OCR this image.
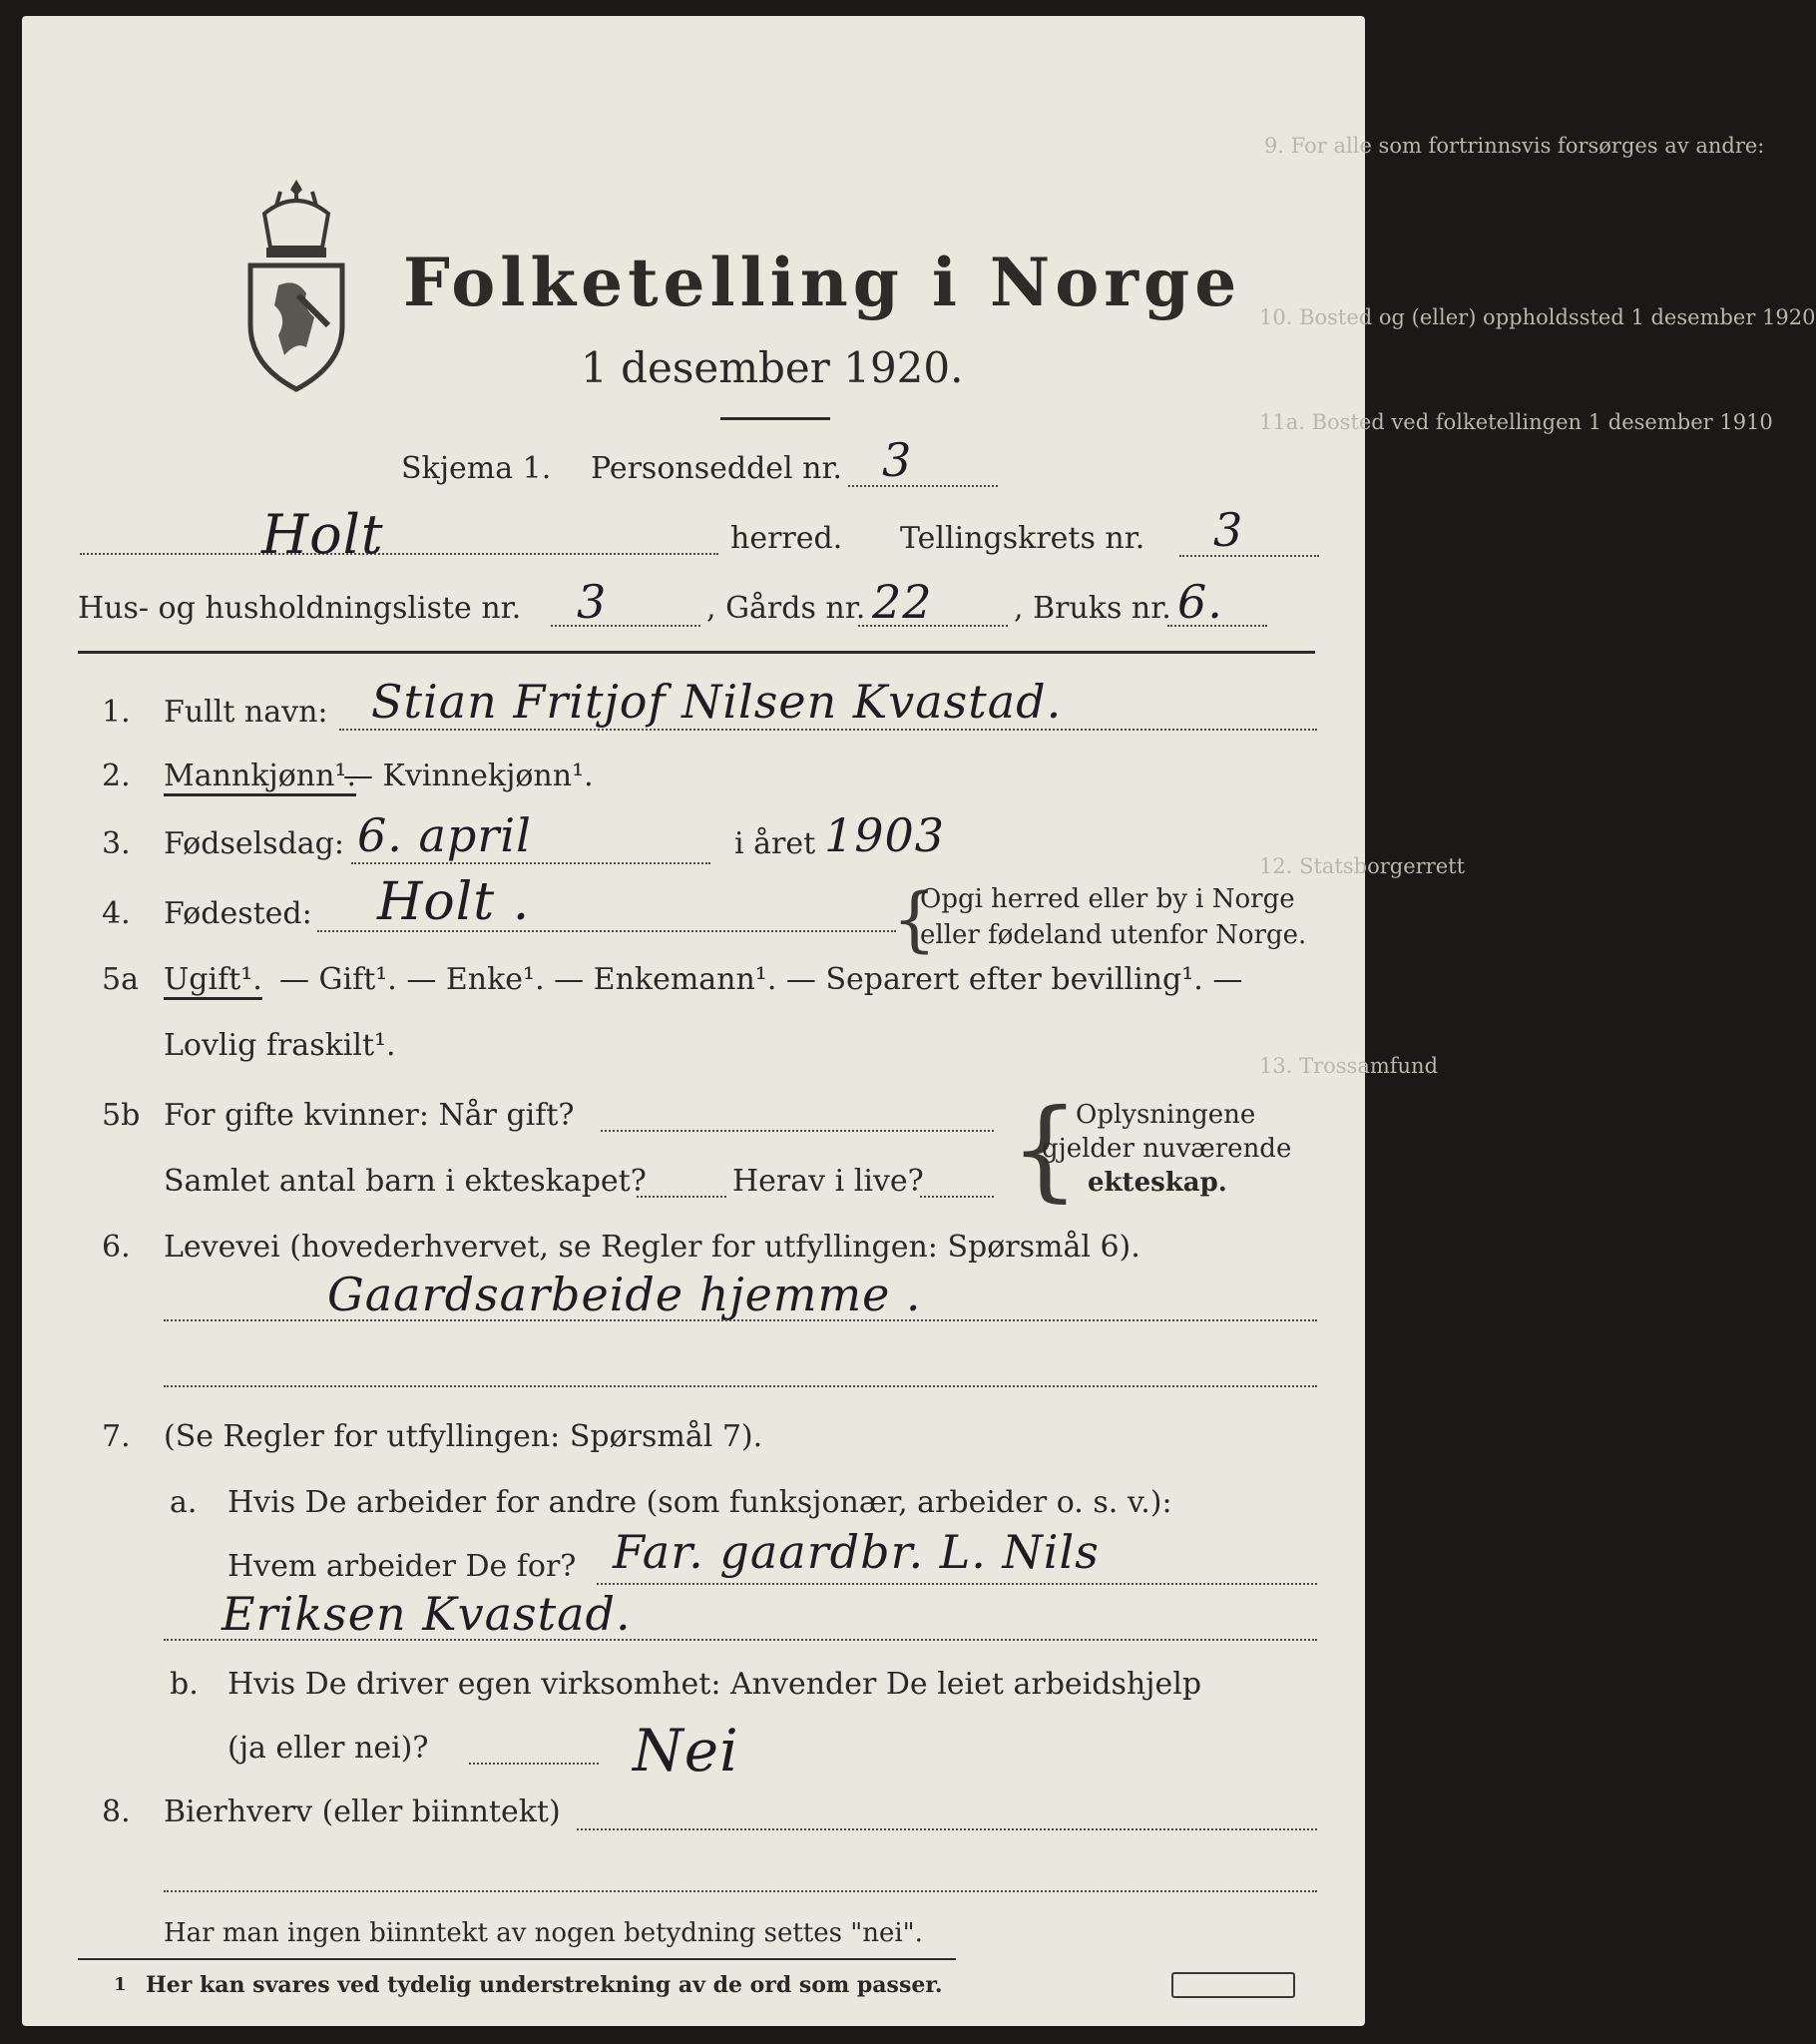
9. For alle som fortrinnsvis forsørges av andre:
10. Bosted og (eller) oppholdssted 1 desember 1920
11a. Bosted ved folketellingen 1 desember 1910
12. Statsborgerrett
13. Trossamfund
Folketelling i Norge
1 desember 1920.
Skjema 1. Personseddel nr. 3
Holt	herred. Tellingskrets nr. 3
Hus- og husholdningsliste nr. 3	, Gårds nr. 22	, Bruks nr. 6.
1. Fullt navn: Stian Fritjof Nilsen Kvastad.
2. Mannkjønn¹.
— Kvinnekjønn¹.
3. Fødselsdag: 6. april	i året 1903
4. Fødested: Holt .	{
Opgi herred eller by i Norge
eller fødeland utenfor Norge.
5a Ugift¹. — Gift¹. — Enke¹. — Enkemann¹. — Separert efter bevilling¹. —
Lovlig fraskilt¹.
5b For gifte kvinner: Når gift?
Samlet antal barn i ekteskapet?	Herav i live? {
Oplysningene
gjelder nuværende
ekteskap.
6. Levevei (hovederhvervet, se Regler for utfyllingen: Spørsmål 6).
Gaardsarbeide hjemme .
7. (Se Regler for utfyllingen: Spørsmål 7).
a. Hvis De arbeider for andre (som funksjonær, arbeider o. s. v.):
Hvem arbeider De for? Far. gaardbr. L. Nils
Eriksen Kvastad.
b. Hvis De driver egen virksomhet: Anvender De leiet arbeidshjelp
(ja eller nei)?	Nei
8. Bierhverv (eller biinntekt)
Har man ingen biinntekt av nogen betydning settes "nei".
1 Her kan svares ved tydelig understrekning av de ord som passer.
